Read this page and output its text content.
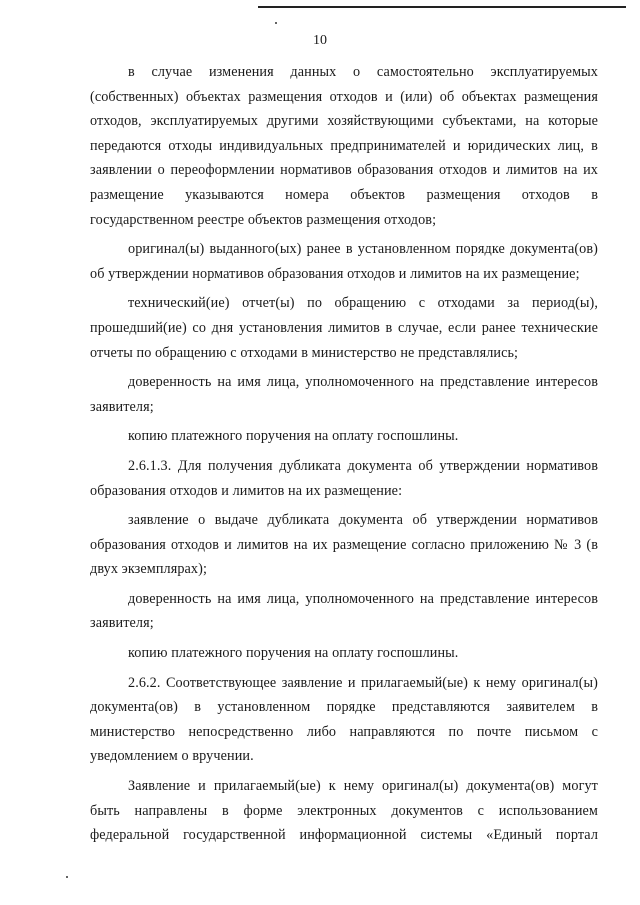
10

в случае изменения данных о самостоятельно эксплуатируемых (собственных) объектах размещения отходов и (или) об объектах размещения отходов, эксплуатируемых другими хозяйствующими субъектами, на которые передаются отходы индивидуальных предпринимателей и юридических лиц, в заявлении о переоформлении нормативов образования отходов и лимитов на их размещение указываются номера объектов размещения отходов в государственном реестре объектов размещения отходов;

оригинал(ы) выданного(ых) ранее в установленном порядке документа(ов) об утверждении нормативов образования отходов и лимитов на их размещение;

технический(ие) отчет(ы) по обращению с отходами за период(ы), прошедший(ие) со дня установления лимитов в случае, если ранее технические отчеты по обращению с отходами в министерство не представлялись;

доверенность на имя лица, уполномоченного на представление интересов заявителя;

копию платежного поручения на оплату госпошлины.

2.6.1.3. Для получения дубликата документа об утверждении нормативов образования отходов и лимитов на их размещение:

заявление о выдаче дубликата документа об утверждении нормативов образования отходов и лимитов на их размещение согласно приложению № 3 (в двух экземплярах);

доверенность на имя лица, уполномоченного на представление интересов заявителя;

копию платежного поручения на оплату госпошлины.

2.6.2. Соответствующее заявление и прилагаемый(ые) к нему оригинал(ы) документа(ов) в установленном порядке представляются заявителем в министерство непосредственно либо направляются по почте письмом с уведомлением о вручении.

Заявление и прилагаемый(ые) к нему оригинал(ы) документа(ов) могут быть направлены в форме электронных документов с использованием федеральной государственной информационной системы «Единый портал
